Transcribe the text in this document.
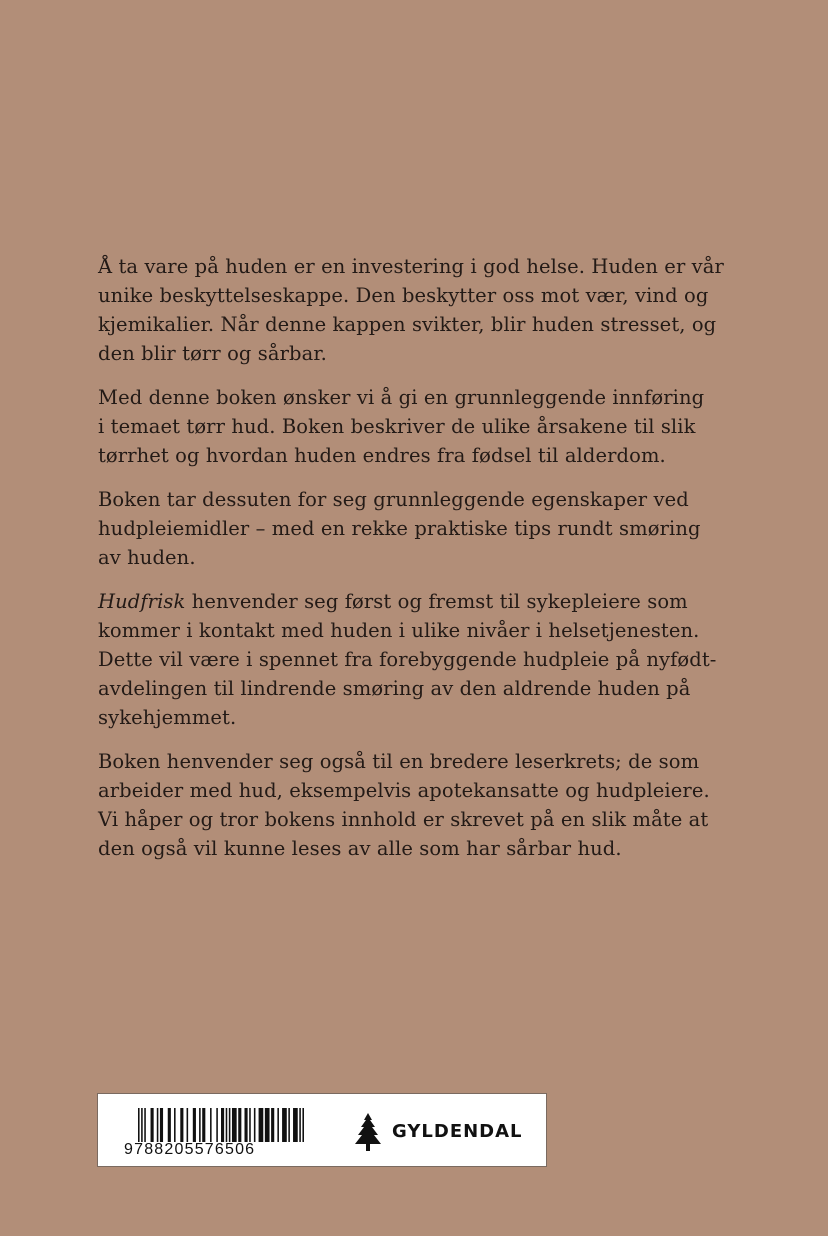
Å ta vare på huden er en investering i god helse. Huden er vår
unike beskyttelseskappe. Den beskytter oss mot vær, vind og
kjemikalier. Når denne kappen svikter, blir huden stresset, og
den blir tørr og sårbar.

Med denne boken ønsker vi å gi en grunnleggende innføring
i temaet tørr hud. Boken beskriver de ulike årsakene til slik
tørrhet og hvordan huden endres fra fødsel til alderdom.

Boken tar dessuten for seg grunnleggende egenskaper ved
hudpleiemidler – med en rekke praktiske tips rundt smøring
av huden.

Hudfrisk henvender seg først og fremst til sykepleiere som
kommer i kontakt med huden i ulike nivåer i helsetjenesten.
Dette vil være i spennet fra forebyggende hudpleie på nyfødt-
avdelingen til lindrende smøring av den aldrende huden på
sykehjemmet.

Boken henvender seg også til en bredere leserkrets; de som
arbeider med hud, eksempelvis apotekansatte og hudpleiere.
Vi håper og tror bokens innhold er skrevet på en slik måte at
den også vil kunne leses av alle som har sårbar hud.

9788205576506
GYLDENDAL
